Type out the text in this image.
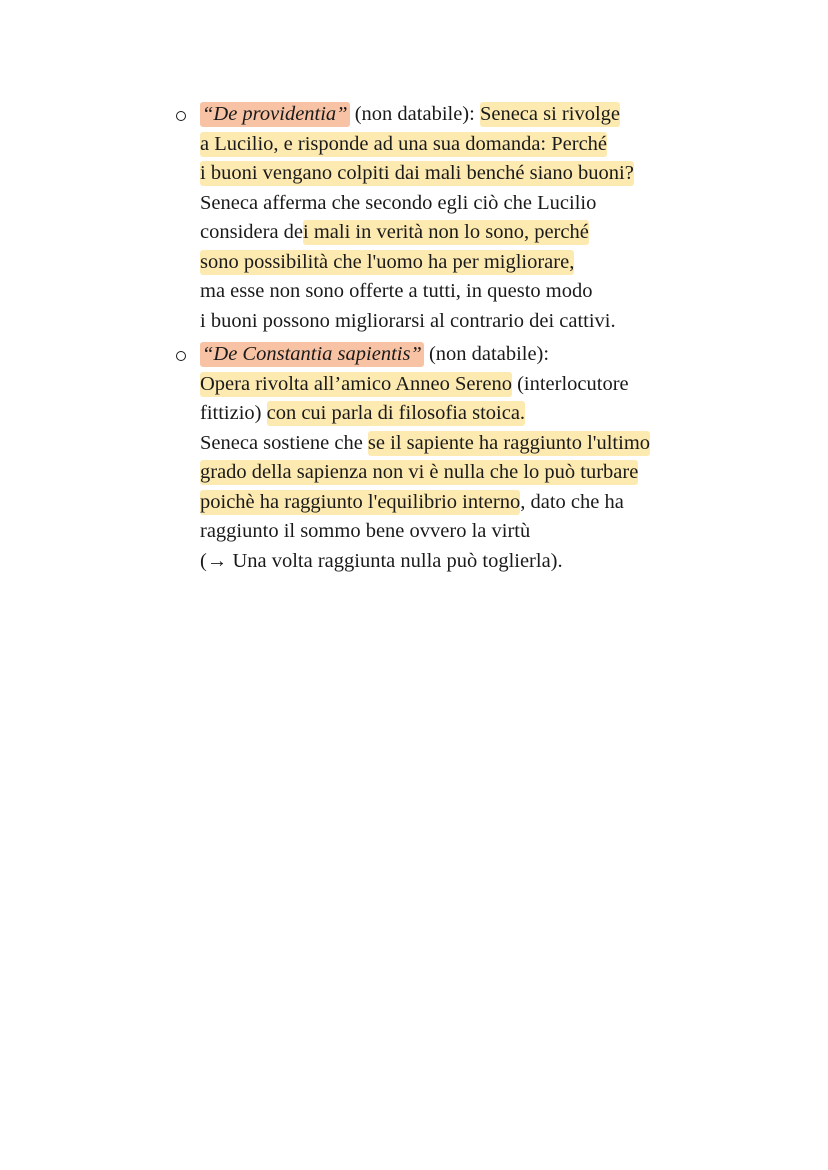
“De providentia” (non databile): Seneca si rivolge
a Lucilio, e risponde ad una sua domanda: Perché
i buoni vengano colpiti dai mali benché siano buoni?
Seneca afferma che secondo egli ciò che Lucilio
considera dei mali in verità non lo sono, perché
sono possibilità che l'uomo ha per migliorare,
ma esse non sono offerte a tutti, in questo modo
i buoni possono migliorarsi al contrario dei cattivi.
“De Constantia sapientis” (non databile):
Opera rivolta all’amico Anneo Sereno (interlocutore
fittizio) con cui parla di filosofia stoica.
Seneca sostiene che se il sapiente ha raggiunto l'ultimo
grado della sapienza non vi è nulla che lo può turbare
poichè ha raggiunto l'equilibrio interno, dato che ha
raggiunto il sommo bene ovvero la virtù
(→ Una volta raggiunta nulla può toglierla).
